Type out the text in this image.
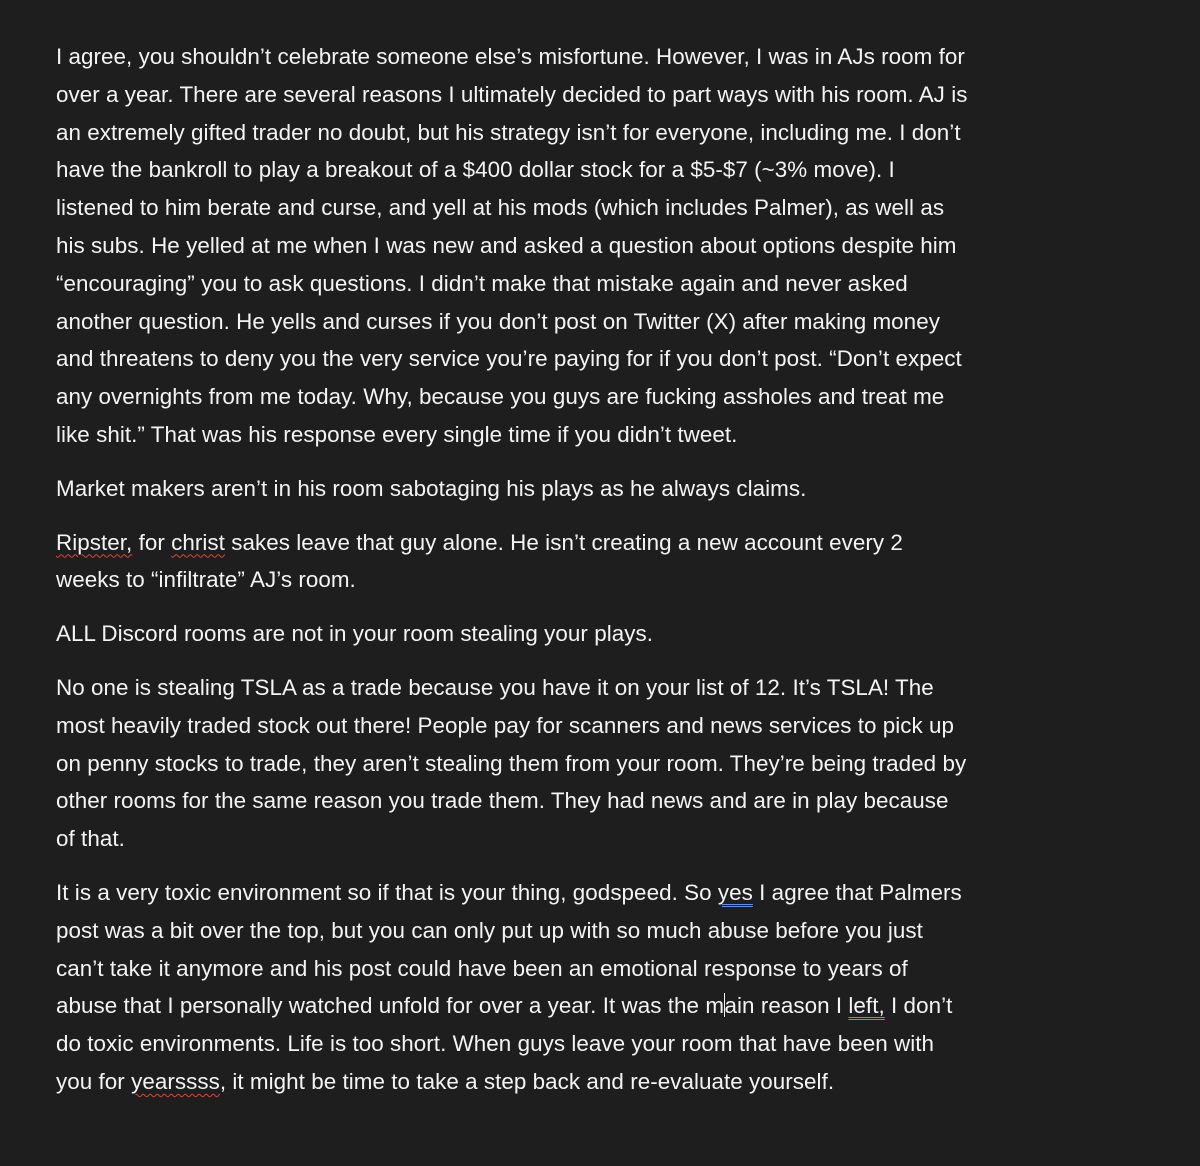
I agree, you shouldn’t celebrate someone else’s misfortune. However, I was in AJs room for
over a year. There are several reasons I ultimately decided to part ways with his room. AJ is
an extremely gifted trader no doubt, but his strategy isn’t for everyone, including me. I don’t
have the bankroll to play a breakout of a $400 dollar stock for a $5-$7 (~3% move). I
listened to him berate and curse, and yell at his mods (which includes Palmer), as well as
his subs. He yelled at me when I was new and asked a question about options despite him
“encouraging” you to ask questions. I didn’t make that mistake again and never asked
another question. He yells and curses if you don’t post on Twitter (X) after making money
and threatens to deny you the very service you’re paying for if you don’t post. “Don’t expect
any overnights from me today. Why, because you guys are fucking assholes and treat me
like shit.” That was his response every single time if you didn’t tweet.

Market makers aren’t in his room sabotaging his plays as he always claims.

Ripster, for christ sakes leave that guy alone. He isn’t creating a new account every 2
weeks to “infiltrate” AJ’s room.

ALL Discord rooms are not in your room stealing your plays.

No one is stealing TSLA as a trade because you have it on your list of 12. It’s TSLA! The
most heavily traded stock out there! People pay for scanners and news services to pick up
on penny stocks to trade, they aren’t stealing them from your room. They’re being traded by
other rooms for the same reason you trade them. They had news and are in play because
of that.

It is a very toxic environment so if that is your thing, godspeed. So yes I agree that Palmers
post was a bit over the top, but you can only put up with so much abuse before you just
can’t take it anymore and his post could have been an emotional response to years of
abuse that I personally watched unfold for over a year. It was the main reason I left, I don’t
do toxic environments. Life is too short. When guys leave your room that have been with
you for yearssss, it might be time to take a step back and re-evaluate yourself.
